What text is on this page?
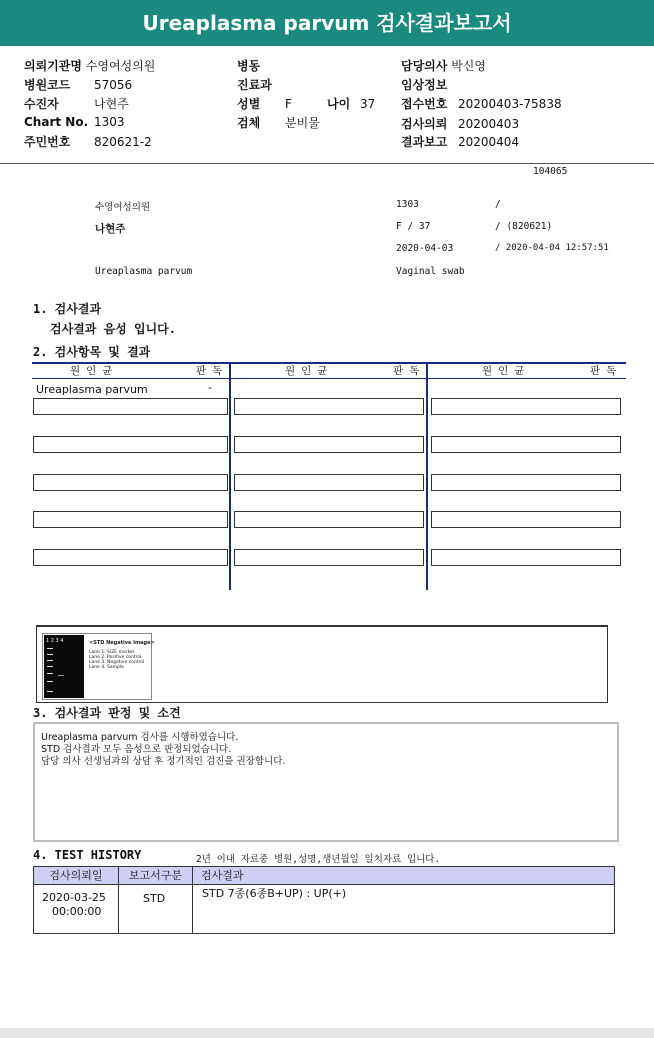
Ureaplasma parvum 검사결과보고서
의뢰기관명 수영여성의원	병동	담당의사 박신영
병원코드 57056	진료과	임상정보
수진자	나현주	성별 F	나이 37 접수번호 20200403-75838
Chart No. 1303	검체 분비물	검사의뢰 20200403
주민번호 820621-2	결과보고 20200404
104065
수영여성의원	1303	/
나현주	F / 37	/ (820621)
2020-04-03	/ 2020-04-04 12:57:51
Ureaplasma parvum	Vaginal swab
1. 검사결과
검사결과 음성 입니다.
2. 검사항목 및 결과
원인균	판독	원인균	판독	원인균	판독
Ureaplasma parvum	-
1 2 3 4	<STD Negative Image>
Lane 1. SIZE marker
Lane 2. Positive control
Lane 3. Negative control
Lane 4. Sample
3. 검사결과 판정 및 소견
Ureaplasma parvum 검사를 시행하였습니다.
STD 검사결과 모두 음성으로 판정되었습니다.
담당 의사 선생님과의 상담 후 정기적인 검진을 권장합니다.
4. TEST HISTORY	2년 이내 자료중 병원,성명,생년월일 일치자료 입니다.
검사의뢰일	보고서구분	검사결과
2020-03-25
00:00:00
STD	STD 7종(6종B+UP) : UP(+)
